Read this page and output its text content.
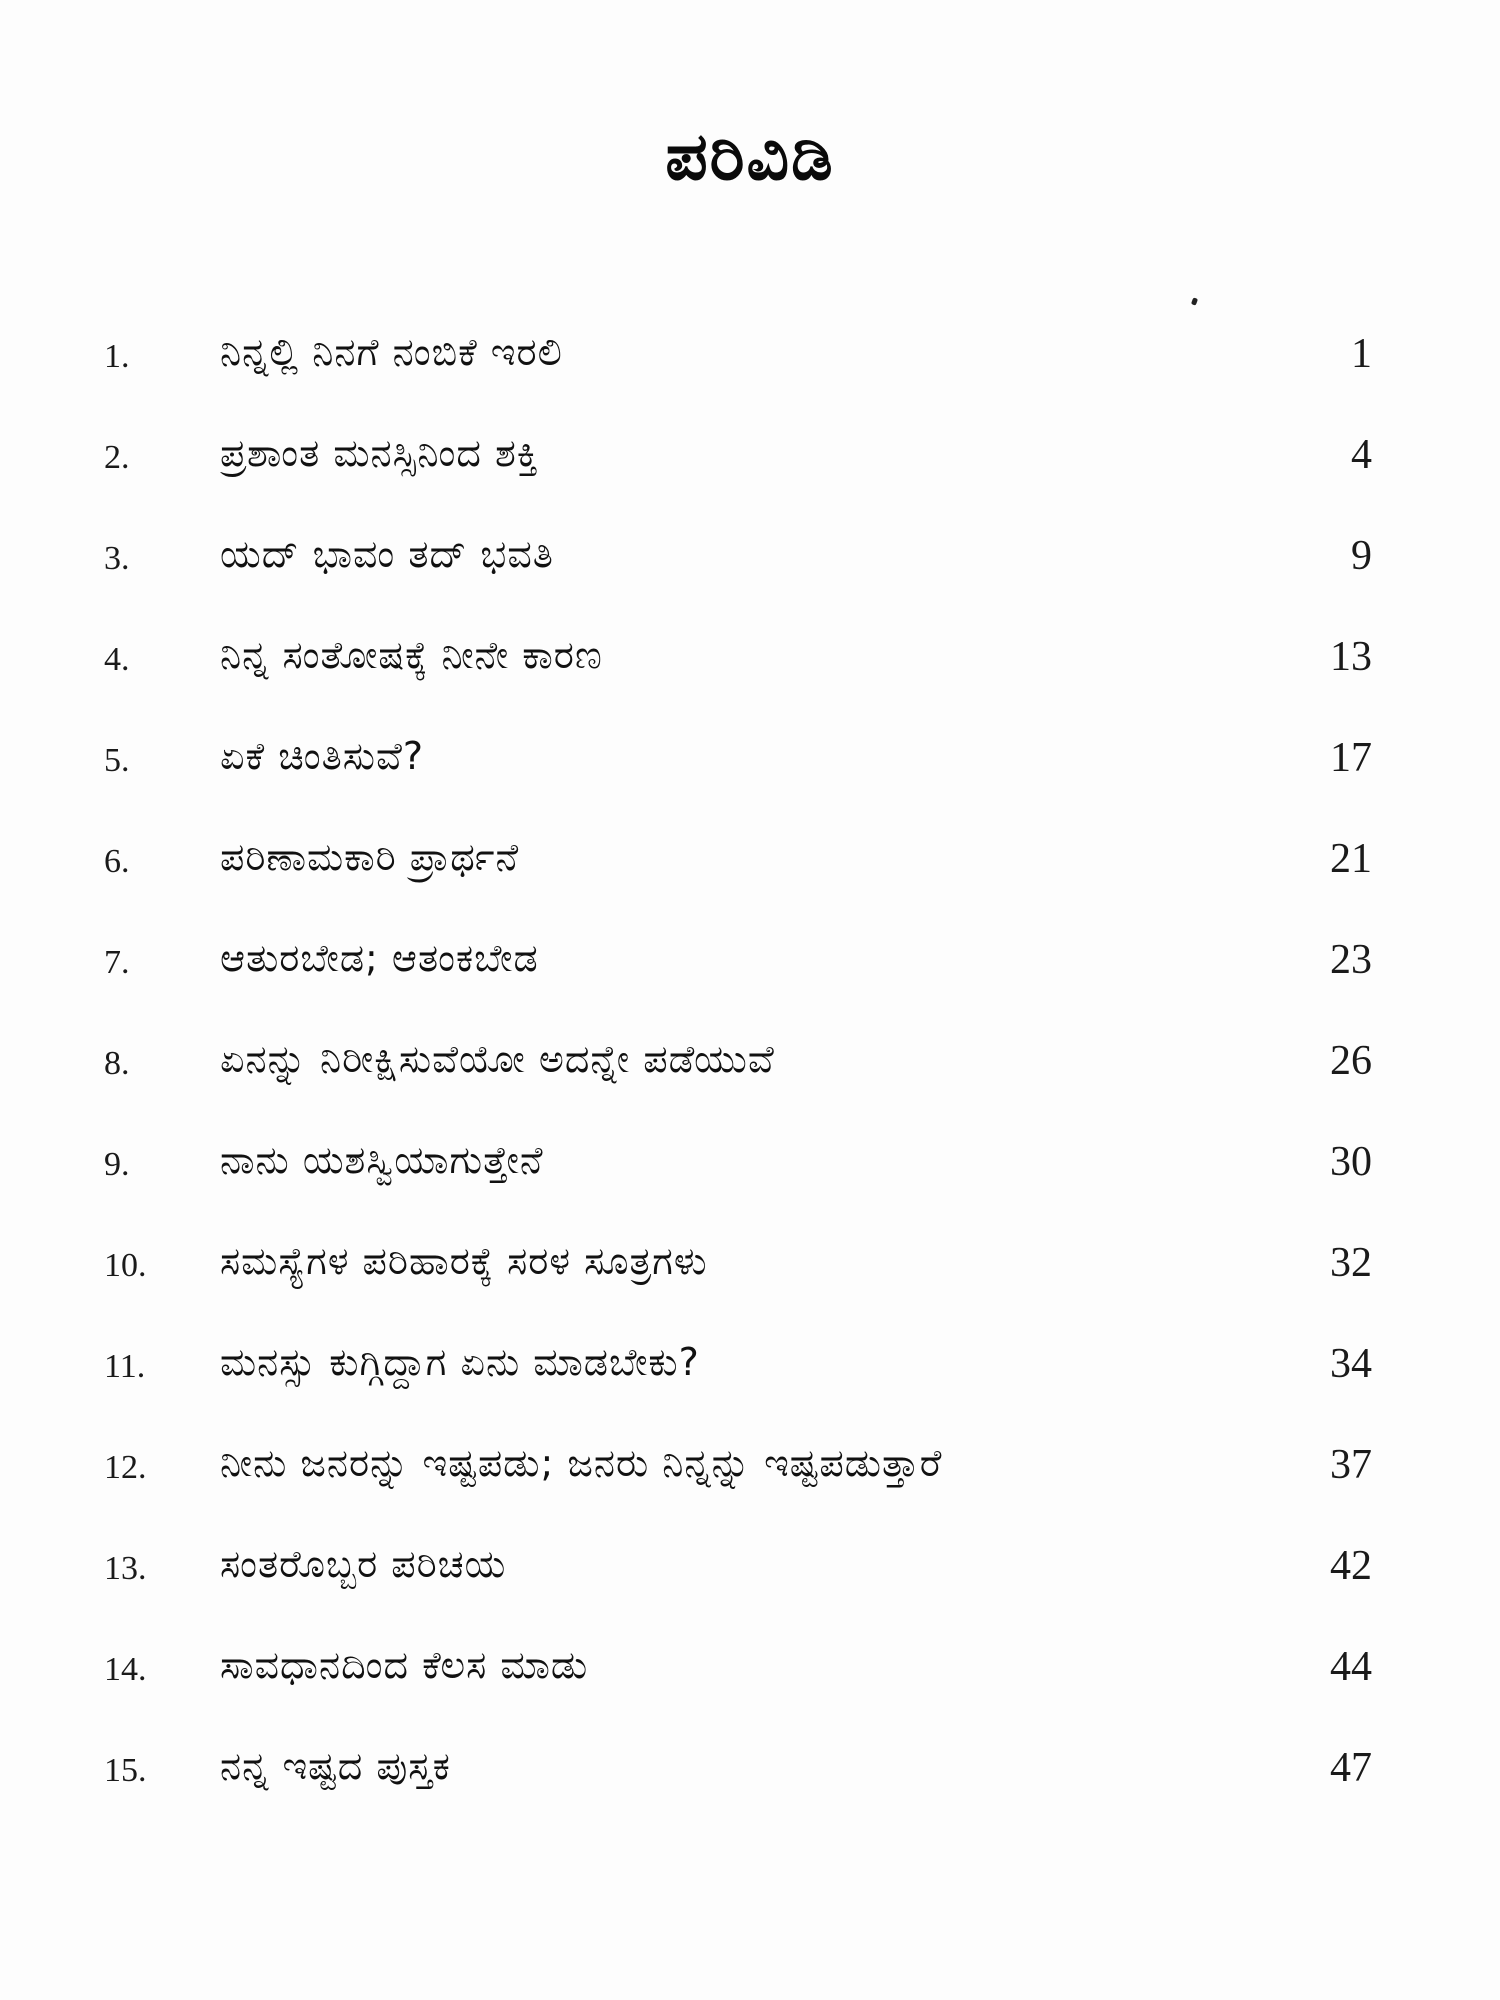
ಪರಿವಿಡಿ
1. ನಿನ್ನಲ್ಲಿ ನಿನಗೆ ನಂಬಿಕೆ ಇರಲಿ	1
2. ಪ್ರಶಾಂತ ಮನಸ್ಸಿನಿಂದ ಶಕ್ತಿ	4
3. ಯದ್ ಭಾವಂ ತದ್ ಭವತಿ	9
4. ನಿನ್ನ ಸಂತೋಷಕ್ಕೆ ನೀನೇ ಕಾರಣ	13
5. ಏಕೆ ಚಿಂತಿಸುವೆ?	17
6. ಪರಿಣಾಮಕಾರಿ ಪ್ರಾರ್ಥನೆ	21
7. ಆತುರಬೇಡ; ಆತಂಕಬೇಡ	23
8. ಏನನ್ನು ನಿರೀಕ್ಷಿಸುವೆಯೋ ಅದನ್ನೇ ಪಡೆಯುವೆ	26
9. ನಾನು ಯಶಸ್ವಿಯಾಗುತ್ತೇನೆ	30
10. ಸಮಸ್ಯೆಗಳ ಪರಿಹಾರಕ್ಕೆ ಸರಳ ಸೂತ್ರಗಳು	32
11. ಮನಸ್ಸು ಕುಗ್ಗಿದ್ದಾಗ ಏನು ಮಾಡಬೇಕು?	34
12. ನೀನು ಜನರನ್ನು ಇಷ್ಟಪಡು; ಜನರು ನಿನ್ನನ್ನು ಇಷ್ಟಪಡುತ್ತಾರೆ	37
13. ಸಂತರೊಬ್ಬರ ಪರಿಚಯ	42
14. ಸಾವಧಾನದಿಂದ ಕೆಲಸ ಮಾಡು	44
15. ನನ್ನ ಇಷ್ಟದ ಪುಸ್ತಕ	47
